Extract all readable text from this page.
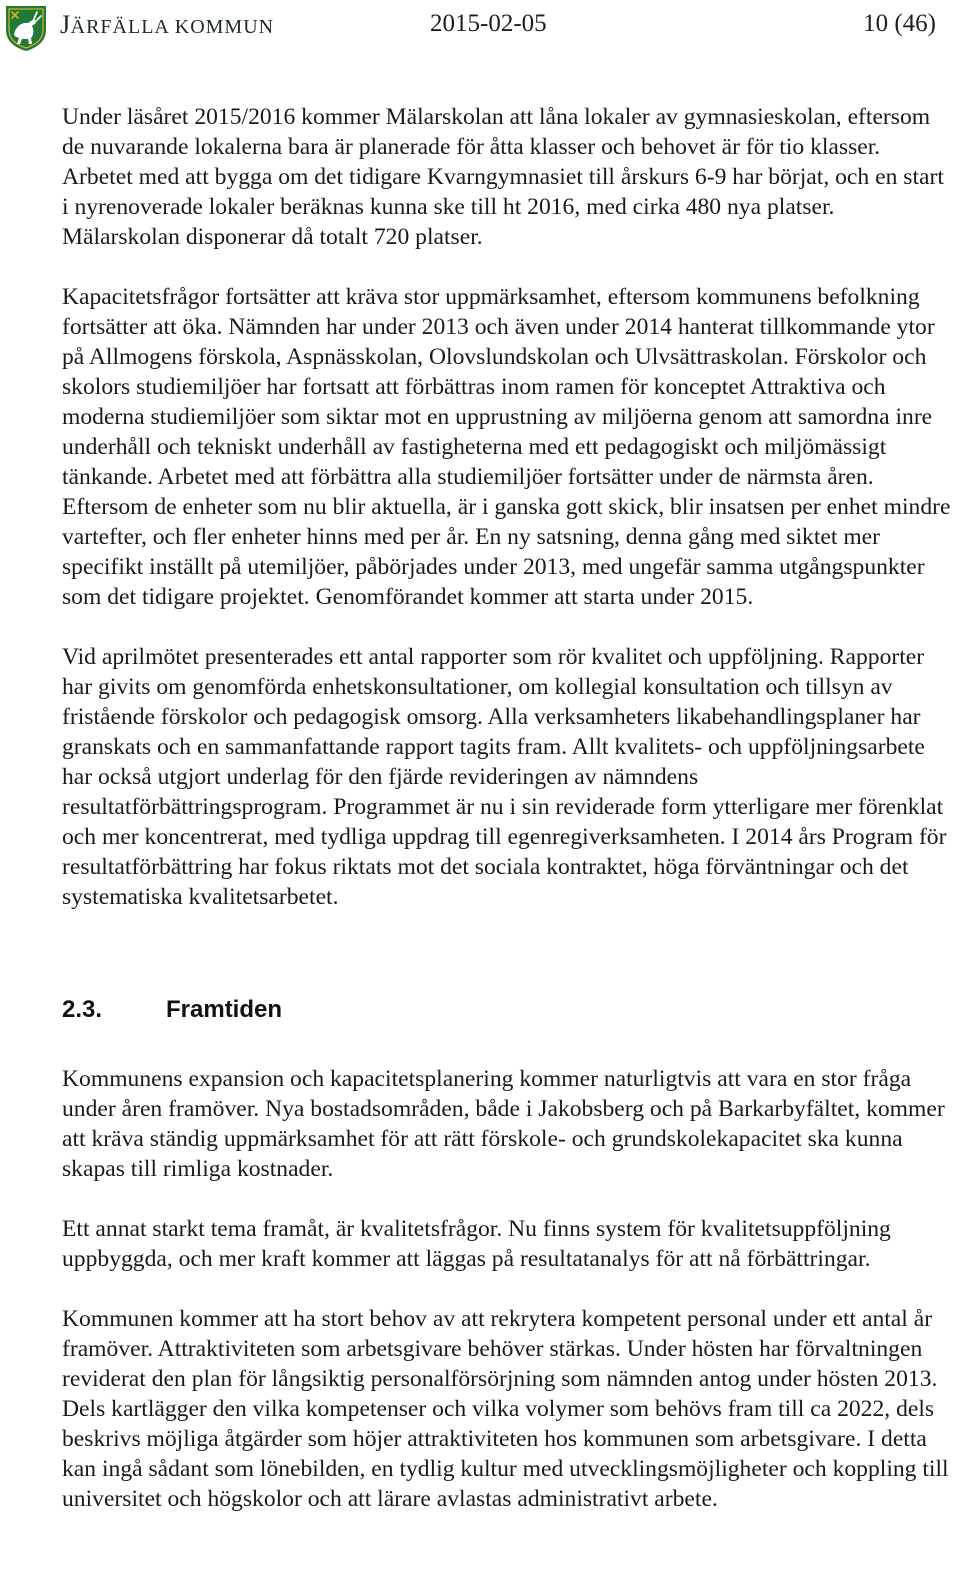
JÄRFÄLLA KOMMUN	2015-02-05	10 (46)

Under läsåret 2015/2016 kommer Mälarskolan att låna lokaler av gymnasieskolan, eftersom de nuvarande lokalerna bara är planerade för åtta klasser och behovet är för tio klasser. Arbetet med att bygga om det tidigare Kvarngymnasiet till årskurs 6-9 har börjat, och en start i nyrenoverade lokaler beräknas kunna ske till ht 2016, med cirka 480 nya platser. Mälarskolan disponerar då totalt 720 platser.

Kapacitetsfrågor fortsätter att kräva stor uppmärksamhet, eftersom kommunens befolkning fortsätter att öka. Nämnden har under 2013 och även under 2014 hanterat tillkommande ytor på Allmogens förskola, Aspnässkolan, Olovslundskolan och Ulvsättraskolan. Förskolor och skolors studiemiljöer har fortsatt att förbättras inom ramen för konceptet Attraktiva och moderna studiemiljöer som siktar mot en upprustning av miljöerna genom att samordna inre underhåll och tekniskt underhåll av fastigheterna med ett pedagogiskt och miljömässigt tänkande. Arbetet med att förbättra alla studiemiljöer fortsätter under de närmsta åren. Eftersom de enheter som nu blir aktuella, är i ganska gott skick, blir insatsen per enhet mindre vartefter, och fler enheter hinns med per år. En ny satsning, denna gång med siktet mer specifikt inställt på utemiljöer, påbörjades under 2013, med ungefär samma utgångspunkter som det tidigare projektet. Genomförandet kommer att starta under 2015.

Vid aprilmötet presenterades ett antal rapporter som rör kvalitet och uppföljning. Rapporter har givits om genomförda enhetskonsultationer, om kollegial konsultation och tillsyn av fristående förskolor och pedagogisk omsorg. Alla verksamheters likabehandlingsplaner har granskats och en sammanfattande rapport tagits fram. Allt kvalitets- och uppföljningsarbete har också utgjort underlag för den fjärde revideringen av nämndens resultatförbättringsprogram. Programmet är nu i sin reviderade form ytterligare mer förenklat och mer koncentrerat, med tydliga uppdrag till egenregiverksamheten. I 2014 års Program för resultatförbättring har fokus riktats mot det sociala kontraktet, höga förväntningar och det systematiska kvalitetsarbetet.

2.3.	Framtiden

Kommunens expansion och kapacitetsplanering kommer naturligtvis att vara en stor fråga under åren framöver. Nya bostadsområden, både i Jakobsberg och på Barkarbyfältet, kommer att kräva ständig uppmärksamhet för att rätt förskole- och grundskolekapacitet ska kunna skapas till rimliga kostnader.

Ett annat starkt tema framåt, är kvalitetsfrågor. Nu finns system för kvalitetsuppföljning uppbyggda, och mer kraft kommer att läggas på resultatanalys för att nå förbättringar.

Kommunen kommer att ha stort behov av att rekrytera kompetent personal under ett antal år framöver. Attraktiviteten som arbetsgivare behöver stärkas. Under hösten har förvaltningen reviderat den plan för långsiktig personalförsörjning som nämnden antog under hösten 2013. Dels kartlägger den vilka kompetenser och vilka volymer som behövs fram till ca 2022, dels beskrivs möjliga åtgärder som höjer attraktiviteten hos kommunen som arbetsgivare. I detta kan ingå sådant som lönebilden, en tydlig kultur med utvecklingsmöjligheter och koppling till universitet och högskolor och att lärare avlastas administrativt arbete.
